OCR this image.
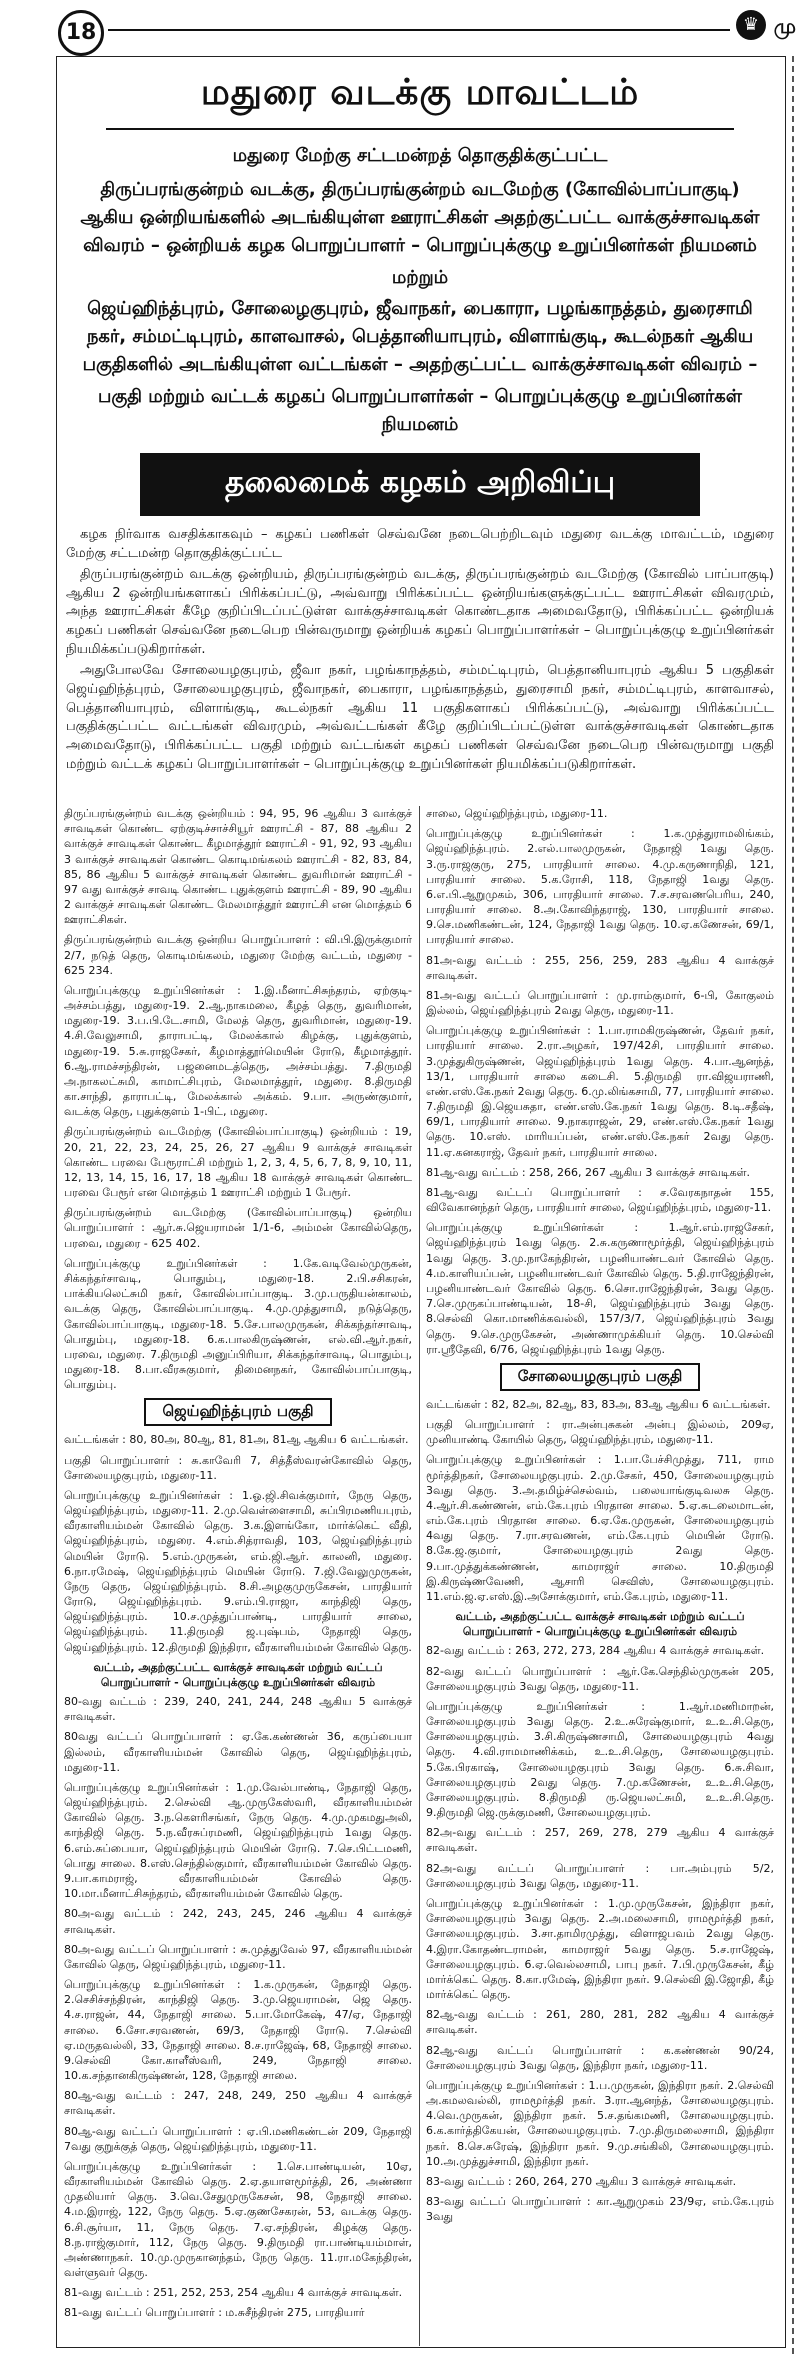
18	♛ மு
மதுரை வடக்கு மாவட்டம்
மதுரை மேற்கு சட்டமன்றத் தொகுதிக்குட்பட்ட
திருப்பரங்குன்றம் வடக்கு, திருப்பரங்குன்றம் வடமேற்கு (கோவில்பாப்பாகுடி) ஆகிய ஒன்றியங்களில் அடங்கியுள்ள ஊராட்சிகள் அதற்குட்பட்ட வாக்குச்சாவடிகள் விவரம் – ஒன்றியக் கழக பொறுப்பாளர் – பொறுப்புக்குழு உறுப்பினர்கள் நியமனம்
மற்றும்
ஜெய்ஹிந்த்புரம், சோலைழகுபுரம், ஜீவாநகர், பைகாரா, பழங்காநத்தம், துரைசாமி நகர், சம்மட்டிபுரம், காளவாசல், பெத்தானியாபுரம், விளாங்குடி, கூடல்நகர் ஆகிய பகுதிகளில் அடங்கியுள்ள வட்டங்கள் – அதற்குட்பட்ட வாக்குச்சாவடிகள் விவரம் –
பகுதி மற்றும் வட்டக் கழகப் பொறுப்பாளர்கள் – பொறுப்புக்குழு உறுப்பினர்கள் நியமனம்
தலைமைக் கழகம் அறிவிப்பு

கழக நிர்வாக வசதிக்காகவும் – கழகப் பணிகள் செவ்வனே நடைபெற்றிடவும் மதுரை வடக்கு மாவட்டம், மதுரை மேற்கு சட்டமன்ற தொகுதிக்குட்பட்ட

திருப்பரங்குன்றம் வடக்கு ஒன்றியம், திருப்பரங்குன்றம் வடக்கு, திருப்பரங்குன்றம் வடமேற்கு (கோவில் பாப்பாகுடி) ஆகிய 2 ஒன்றியங்களாகப் பிரிக்கப்பட்டு, அவ்வாறு பிரிக்கப்பட்ட ஒன்றியங்களுக்குட்பட்ட ஊராட்சிகள் விவரமும், அந்த ஊராட்சிகள் கீழே குறிப்பிடப்பட்டுள்ள வாக்குச்சாவடிகள் கொண்டதாக அமைவதோடு, பிரிக்கப்பட்ட ஒன்றியக் கழகப் பணிகள் செவ்வனே நடைபெற பின்வருமாறு ஒன்றியக் கழகப் பொறுப்பாளர்கள் – பொறுப்புக்குழு உறுப்பினர்கள் நியமிக்கப்படுகிறார்கள்.

அதுபோலவே சோலையழகுபுரம், ஜீவா நகர், பழங்காநத்தம், சம்மட்டிபுரம், பெத்தானியாபுரம் ஆகிய 5 பகுதிகள் ஜெய்ஹிந்த்புரம், சோலையழகுபுரம், ஜீவாநகர், பைகாரா, பழங்காநத்தம், துரைசாமி நகர், சம்மட்டிபுரம், காளவாசல், பெத்தானியாபுரம், விளாங்குடி, கூடல்நகர் ஆகிய 11 பகுதிகளாகப் பிரிக்கப்பட்டு, அவ்வாறு பிரிக்கப்பட்ட பகுதிக்குட்பட்ட வட்டங்கள் விவரமும், அவ்வட்டங்கள் கீழே குறிப்பிடப்பட்டுள்ள வாக்குச்சாவடிகள் கொண்டதாக அமைவதோடு, பிரிக்கப்பட்ட பகுதி மற்றும் வட்டங்கள் கழகப் பணிகள் செவ்வனே நடைபெற பின்வருமாறு பகுதி மற்றும் வட்டக் கழகப் பொறுப்பாளர்கள் – பொறுப்புக்குழு உறுப்பினர்கள் நியமிக்கப்படுகிறார்கள்.

திருப்பரங்குன்றம் வடக்கு ஒன்றியம் : 94, 95, 96 ஆகிய 3 வாக்குச் சாவடிகள் கொண்ட ஏற்குடிச்சாச்சியூர் ஊராட்சி - 87, 88 ஆகிய 2 வாக்குச் சாவடிகள் கொண்ட கீழமாத்தூர் ஊராட்சி - 91, 92, 93 ஆகிய 3 வாக்குச் சாவடிகள் கொண்ட கொடிமங்கலம் ஊராட்சி - 82, 83, 84, 85, 86 ஆகிய 5 வாக்குச் சாவடிகள் கொண்ட துவரிமான் ஊராட்சி - 97 வது வாக்குச் சாவடி கொண்ட புதுக்குளம் ஊராட்சி - 89, 90 ஆகிய 2 வாக்குச் சாவடிகள் கொண்ட மேலமாத்தூர் ஊராட்சி என மொத்தம் 6 ஊராட்சிகள்.
திருப்பரங்குன்றம் வடக்கு ஒன்றிய பொறுப்பாளர் : வி.பி.இருக்குமார் 2/7, நடுத் தெரு, கொடிமங்கலம், மதுரை மேற்கு வட்டம், மதுரை - 625 234.
பொறுப்புக்குழு உறுப்பினர்கள் : 1.இ.மீனாட்சிசுந்தரம், ஏற்குடி-அச்சம்பத்து, மதுரை-19. 2.ஆ.நாகமலை, கீழத் தெரு, துவரிமான், மதுரை-19. 3.ப.பி.டே.சாமி, மேலத் தெரு, துவரிமான், மதுரை-19. 4.சி.வேலுசாமி, தாராபட்டி, மேலக்கால் கிழக்கு, புதுக்குளம், மதுரை-19. 5.சு.ராஜசேகர், கீழமாத்தூர்மெயின் ரோடு, கீழமாத்தூர். 6.ஆ.ராமச்சந்திரன், பஜனைமடத்தெரு, அச்சம்பத்து. 7.திருமதி அ.நாகலட்சுமி, காமாட்சிபுரம், மேலமாத்தூர், மதுரை. 8.திருமதி கா.சாந்தி, தாராபட்டி, மேலக்கால் அக்கம். 9.பா. அருண்குமார், வடக்கு தெரு, புதுக்குளம் 1-பிட், மதுரை.
திருப்பரங்குன்றம் வடமேற்கு (கோவில்பாப்பாகுடி) ஒன்றியம் : 19, 20, 21, 22, 23, 24, 25, 26, 27 ஆகிய 9 வாக்குச் சாவடிகள் கொண்ட பரவை பேரூராட்சி மற்றும் 1, 2, 3, 4, 5, 6, 7, 8, 9, 10, 11, 12, 13, 14, 15, 16, 17, 18 ஆகிய 18 வாக்குச் சாவடிகள் கொண்ட பரவை பேரூர் என மொத்தம் 1 ஊராட்சி மற்றும் 1 பேரூர்.
திருப்பரங்குன்றம் வடமேற்கு (கோவில்பாப்பாகுடி) ஒன்றிய பொறுப்பாளர் : ஆர்.சு.ஜெயராமன் 1/1-6, அம்மன் கோவில்தெரு, பரவை, மதுரை - 625 402.
பொறுப்புக்குழு உறுப்பினர்கள் : 1.கே.வடிவேல்முருகன், சிக்கந்தர்சாவடி, பொதும்பு, மதுரை-18. 2.பி.சசிகரன், பாக்கியலெட்சுமி நகர், கோவில்பாப்பாகுடி. 3.மு.பருதியன்காலம், வடக்கு தெரு, கோவில்பாப்பாகுடி. 4.மு.முத்துசாமி, நடுத்தெரு, கோவில்பாப்பாகுடி, மதுரை-18. 5.சே.பாலமுருகன், சிக்கந்தர்சாவடி, பொதும்பு, மதுரை-18. 6.க.பாலகிருஷ்ணன், எல்.வி.ஆர்.நகர், பரவை, மதுரை. 7.திருமதி அனுப்பிரியா, சிக்கந்தர்சாவடி, பொதும்பு, மதுரை-18. 8.பா.வீரசுகுமார், திமைனநகர், கோவில்பாப்பாகுடி, பொதும்பு.
ஜெய்ஹிந்த்புரம் பகுதி
வட்டங்கள் : 80, 80அ, 80ஆ, 81, 81அ, 81ஆ ஆகிய 6 வட்டங்கள்.
பகுதி பொறுப்பாளர் : சு.காவேரி 7, சித்தீஸ்வரன்கோவில் தெரு, சோலையழகுபுரம், மதுரை-11.
பொறுப்புக்குழு உறுப்பினர்கள் : 1.ஓ.ஜி.சிவக்குமார், நேரு தெரு, ஜெய்ஹிந்த்புரம், மதுரை-11. 2.மு.வெள்ளைசாமி, சுப்பிரமணியபுரம், வீரகாளியம்மன் கோவில் தெரு. 3.க.இளங்கோ, மார்க்கெட் வீதி, ஜெய்ஹிந்த்புரம், மதுரை. 4.எம்.சித்ராவதி, 103, ஜெய்ஹிந்த்புரம் மெயின் ரோடு. 5.எம்.முருகன், எம்.ஜி.ஆர். காலனி, மதுரை. 6.நா.ரமேஷ், ஜெய்ஹிந்த்புரம் மெயின் ரோடு. 7.ஜி.வேலுமுருகன், நேரு தெரு, ஜெய்ஹிந்த்புரம். 8.சி.அழகுமுருகேசன், பாரதியார் ரோடு, ஜெய்ஹிந்த்புரம். 9.எம்.பி.ராஜா, காந்திஜி தெரு, ஜெய்ஹிந்த்புரம். 10.ச.முத்துப்பாண்டி, பாரதியார் சாலை, ஜெய்ஹிந்த்புரம். 11.திருமதி ஜ.புஷ்பம், நேதாஜி தெரு, ஜெய்ஹிந்த்புரம். 12.திருமதி இந்திரா, வீரகாளியம்மன் கோவில் தெரு.
வட்டம், அதற்குட்பட்ட வாக்குச் சாவடிகள் மற்றும் வட்டப் பொறுப்பாளர் - பொறுப்புக்குழு உறுப்பினர்கள் விவரம்
80-வது வட்டம் : 239, 240, 241, 244, 248 ஆகிய 5 வாக்குச் சாவடிகள்.
80வது வட்டப் பொறுப்பாளர் : ஏ.கே.கண்ணன் 36, கருப்பையா இல்லம், வீரகாளியம்மன் கோவில் தெரு, ஜெய்ஹிந்த்புரம், மதுரை-11.
பொறுப்புக்குழு உறுப்பினர்கள் : 1.மு.வேல்பாண்டி, நேதாஜி தெரு, ஜெய்ஹிந்த்புரம். 2.செல்வி ஆ.முருகேஸ்வரி, வீரகாளியம்மன் கோவில் தெரு. 3.ந.கௌரிசங்கர், நேரு தெரு. 4.மு.முகமதுஅலி, காந்திஜி தெரு. 5.ந.வீரசுப்ரமணி, ஜெய்ஹிந்த்புரம் 1வது தெரு. 6.எம்.சுப்பையா, ஜெய்ஹிந்த்புரம் மெயின் ரோடு. 7.செ.பிட்டமணி, பொது சாலை. 8.எஸ்.செந்தில்குமார், வீரகாளியம்மன் கோவில் தெரு. 9.பா.காமராஜ், வீரகாளியம்மன் கோவில் தெரு. 10.மா.மீனாட்சிசுந்தரம், வீரகாளியம்மன் கோவில் தெரு.
80அ-வது வட்டம் : 242, 243, 245, 246 ஆகிய 4 வாக்குச் சாவடிகள்.
80அ-வது வட்டப் பொறுப்பாளர் : சு.முத்துவேல் 97, வீரகாளியம்மன் கோவில் தெரு, ஜெய்ஹிந்த்புரம், மதுரை-11.
பொறுப்புக்குழு உறுப்பினர்கள் : 1.க.முருகன், நேதாஜி தெரு. 2.செசிச்சந்திரன், காந்திஜி தெரு. 3.மு.ஜெயராமன், ஜெ தெரு. 4.ச.ராஜன், 44, நேதாஜி சாலை. 5.பா.மோகேஷ், 47/ஏ, நேதாஜி சாலை. 6.சோ.சரவணன், 69/3, நேதாஜி ரோடு. 7.செல்வி ஏ.மருதவல்லி, 33, நேதாஜி சாலை. 8.ச.ராஜேஷ், 68, நேதாஜி சாலை. 9.செல்வி கோ.காளீஸ்வரி, 249, நேதாஜி சாலை. 10.க.சந்தானகிருஷ்ணன், 128, நேதாஜி சாலை.
80ஆ-வது வட்டம் : 247, 248, 249, 250 ஆகிய 4 வாக்குச் சாவடிகள்.
80ஆ-வது வட்டப் பொறுப்பாளர் : ஏ.பி.மணிகண்டன் 209, நேதாஜி 7வது குறுக்குத் தெரு, ஜெய்ஹிந்த்புரம், மதுரை-11.
பொறுப்புக்குழு உறுப்பினர்கள் : 1.செ.பாண்டியன், 10ஏ, வீரகாளியம்மன் கோவில் தெரு. 2.ஏ.தயாளமூர்த்தி, 26, அண்ணா முதலியார் தெரு. 3.வெ.சேதுமுருகேசன், 98, நேதாஜி சாலை. 4.ம.இராஜ், 122, நேரு தெரு. 5.ஏ.குணசேகரன், 53, வடக்கு தெரு. 6.சி.சூர்யா, 11, நேரு தெரு. 7.ஏ.சந்திரன், கிழக்கு தெரு. 8.ந.ராஜ்குமார், 112, நேரு தெரு. 9.திருமதி ரா.பாண்டியம்மாள், அண்ணாநகர். 10.மு.முருகானந்தம், நேரு தெரு. 11.ரா.மகேந்திரன், வள்ளுவர் தெரு.
81-வது வட்டம் : 251, 252, 253, 254 ஆகிய 4 வாக்குச் சாவடிகள்.
81-வது வட்டப் பொறுப்பாளர் : ம.சுசீந்திரன் 275, பாரதியார்
சாலை, ஜெய்ஹிந்த்புரம், மதுரை-11.
பொறுப்புக்குழு உறுப்பினர்கள் : 1.க.முத்துராமலிங்கம், ஜெய்ஹிந்த்புரம். 2.எல்.பாலமுருகன், நேதாஜி 1வது தெரு. 3.ரு.ராஜகுரு, 275, பாரதியார் சாலை. 4.மு.கருணாநிதி, 121, பாரதியார் சாலை. 5.க.ரோசி, 118, நேதாஜி 1வது தெரு. 6.எ.பி.ஆறுமுகம், 306, பாரதியார் சாலை. 7.ச.சரவணபெரிய, 240, பாரதியார் சாலை. 8.அ.கோவிந்தராஜ், 130, பாரதியார் சாலை. 9.செ.மணிகண்டன், 124, நேதாஜி 1வது தெரு. 10.ஏ.கணேசன், 69/1, பாரதியார் சாலை.
81அ-வது வட்டம் : 255, 256, 259, 283 ஆகிய 4 வாக்குச் சாவடிகள்.
81அ-வது வட்டப் பொறுப்பாளர் : மு.ராம்குமார், 6-பி, கோகுலம் இல்லம், ஜெய்ஹிந்த்புரம் 2வது தெரு, மதுரை-11.
பொறுப்புக்குழு உறுப்பினர்கள் : 1.பா.ராமகிருஷ்ணன், தேவர் நகர், பாரதியார் சாலை. 2.ரா.அழகர், 197/42சி, பாரதியார் சாலை. 3.முத்துகிருஷ்ணன், ஜெய்ஹிந்த்புரம் 1வது தெரு. 4.பா.ஆனந்த், 13/1, பாரதியார் சாலை கடைசி. 5.திருமதி ரா.விஜயராணி, எண்.எஸ்.கே.நகர் 2வது தெரு. 6.மு.லிங்கசாமி, 77, பாரதியார் சாலை. 7.திருமதி இ.ஜெயசுதா, எண்.எஸ்.கே.நகர் 1வது தெரு. 8.டி.சதீஷ், 69/1, பாரதியார் சாலை. 9.நாகராஜன், 29, எண்.எஸ்.கே.நகர் 1வது தெரு. 10.எஸ். மாரியப்பன், எண்.எஸ்.கே.நகர் 2வது தெரு. 11.ஏ.கனகராஜ், தேவர் நகர், பாரதியார் சாலை.
81ஆ-வது வட்டம் : 258, 266, 267 ஆகிய 3 வாக்குச் சாவடிகள்.
81ஆ-வது வட்டப் பொறுப்பாளர் : ச.வேரகநாதன் 155, விவேகானந்தர் தெரு, பாரதியார் சாலை, ஜெய்ஹிந்த்புரம், மதுரை-11.
பொறுப்புக்குழு உறுப்பினர்கள் : 1.ஆர்.எம்.ராஜசேகர், ஜெய்ஹிந்த்புரம் 1வது தெரு. 2.சு.கருணாமூர்த்தி, ஜெய்ஹிந்த்புரம் 1வது தெரு. 3.மு.நாகேந்திரன், பழனியாண்டவர் கோவில் தெரு. 4.ம.காளியப்பன், பழனியாண்டவர் கோவில் தெரு. 5.தி.ராஜேந்திரன், பழனியாண்டவர் கோவில் தெரு. 6.சொ.ராஜேந்திரன், 3வது தெரு. 7.செ.முருகப்பாண்டியன், 18-சி, ஜெய்ஹிந்த்புரம் 3வது தெரு. 8.செல்வி கொ.மாணிக்கவல்லி, 157/3/7, ஜெய்ஹிந்த்புரம் 3வது தெரு. 9.செ.முருகேசன், அண்ணாமுக்கியர் தெரு. 10.செல்வி ரா.ஸ்ரீதேவி, 6/76, ஜெய்ஹிந்த்புரம் 1வது தெரு.
சோலையழகுபுரம் பகுதி
வட்டங்கள் : 82, 82அ, 82ஆ, 83, 83அ, 83ஆ ஆகிய 6 வட்டங்கள்.
பகுதி பொறுப்பாளர் : ரா.அன்புசுகன் அன்பு இல்லம், 209ஏ, முனியாண்டி கோயில் தெரு, ஜெய்ஹிந்த்புரம், மதுரை-11.
பொறுப்புக்குழு உறுப்பினர்கள் : 1.பா.பேச்சிமுத்து, 711, ராம மூர்த்திநகர், சோலையழகுபுரம். 2.மு.சேகர், 450, சோலையழகுபுரம் 3வது தெரு. 3.அ.தமிழ்ச்செல்வம், பலையாங்குடிவலசு தெரு. 4.ஆர்.சி.கண்ணன், எம்.கே.புரம் பிரதான சாலை. 5.ஏ.சுடலைமாடன், எம்.கே.புரம் பிரதான சாலை. 6.ஏ.கே.முருகன், சோலையழகுபுரம் 4வது தெரு. 7.ரா.சரவணன், எம்.கே.புரம் மெயின் ரோடு. 8.கே.ஜ.குமார், சோலையழகுபுரம் 2வது தெரு. 9.பா.முத்துக்கண்ணன், காமராஜர் சாலை. 10.திருமதி இ.கிருஷ்ணவேணி, ஆசாரி செவிஸ், சோலையழகுபுரம். 11.எம்.ஜ.ஏ.எஸ்.இ.அசோக்குமார், எம்.கே.புரம், மதுரை-11.
வட்டம், அதற்குட்பட்ட வாக்குச் சாவடிகள் மற்றும் வட்டப் பொறுப்பாளர் - பொறுப்புக்குழு உறுப்பினர்கள் விவரம்
82-வது வட்டம் : 263, 272, 273, 284 ஆகிய 4 வாக்குச் சாவடிகள்.
82-வது வட்டப் பொறுப்பாளர் : ஆர்.கே.செந்தில்முருகன் 205, சோலையழகுபுரம் 3வது தெரு, மதுரை-11.
பொறுப்புக்குழு உறுப்பினர்கள் : 1.ஆர்.மணிமாறன், சோலையழகுபுரம் 3வது தெரு. 2.உ.சுரேஷ்குமார், உ.உ.சி.தெரு, சோலையழகுபுரம். 3.சி.கிருஷ்ணசாமி, சோலையழகுபுரம் 4வது தெரு. 4.வி.ராமமாணிக்கம், உ.உ.சி.தெரு, சோலையழகுபுரம். 5.கே.பிரகாஷ், சோலையழகுபுரம் 3வது தெரு. 6.சு.சிவா, சோலையழகுபுரம் 2வது தெரு. 7.மு.கணேசன், உ.உ.சி.தெரு, சோலையழகுபுரம். 8.திருமதி ரு.ஜெயலட்சுமி, உ.உ.சி.தெரு. 9.திருமதி ஜெ.ருக்குமணி, சோலையழகுபுரம்.
82அ-வது வட்டம் : 257, 269, 278, 279 ஆகிய 4 வாக்குச் சாவடிகள்.
82அ-வது வட்டப் பொறுப்பாளர் : பா.அம்புரம் 5/2, சோலையழகுபுரம் 3வது தெரு, மதுரை-11.
பொறுப்புக்குழு உறுப்பினர்கள் : 1.மு.முருகேசன், இந்திரா நகர், சோலையழகுபுரம் 3வது தெரு. 2.அ.மலைசாமி, ராமமூர்த்தி நகர், சோலையழகுபுரம். 3.சா.தாமிரமுத்து, விளாஜபவம் 2வது தெரு. 4.இரா.கோதண்டராமன், காமராஜர் 5வது தெரு. 5.ச.ராஜேஷ், சோலையழகுபுரம். 6.ஏ.வெல்லசாமி, பாபு நகர். 7.பி.முருகேசன், கீழ் மார்க்கெட் தெரு. 8.கா.ரமேஷ், இந்திரா நகர். 9.செல்வி இ.ஜோதி, கீழ் மார்க்கெட் தெரு.
82ஆ-வது வட்டம் : 261, 280, 281, 282 ஆகிய 4 வாக்குச் சாவடிகள்.
82ஆ-வது வட்டப் பொறுப்பாளர் : க.கண்ணன் 90/24, சோலையழகுபுரம் 3வது தெரு, இந்திரா நகர், மதுரை-11.
பொறுப்புக்குழு உறுப்பினர்கள் : 1.ப.முருகன், இந்திரா நகர். 2.செல்வி அ.கமலவல்லி, ராமமூர்த்தி நகர். 3.ரா.ஆனந்த், சோலையழகுபுரம். 4.வெ.முருகன், இந்திரா நகர். 5.ச.தங்கமணி, சோலையழகுபுரம். 6.க.கார்த்திகேயன், சோலையழகுபுரம். 7.மு.திருமலைசாமி, இந்திரா நகர். 8.செ.சுரேஷ், இந்திரா நகர். 9.மு.சங்கிலி, சோலையழகுபுரம். 10.அ.முத்துச்சாமி, இந்திரா நகர்.
83-வது வட்டம் : 260, 264, 270 ஆகிய 3 வாக்குச் சாவடிகள்.
83-வது வட்டப் பொறுப்பாளர் : கா.ஆறுமுகம் 23/9ஏ, எம்.கே.புரம் 3வது
